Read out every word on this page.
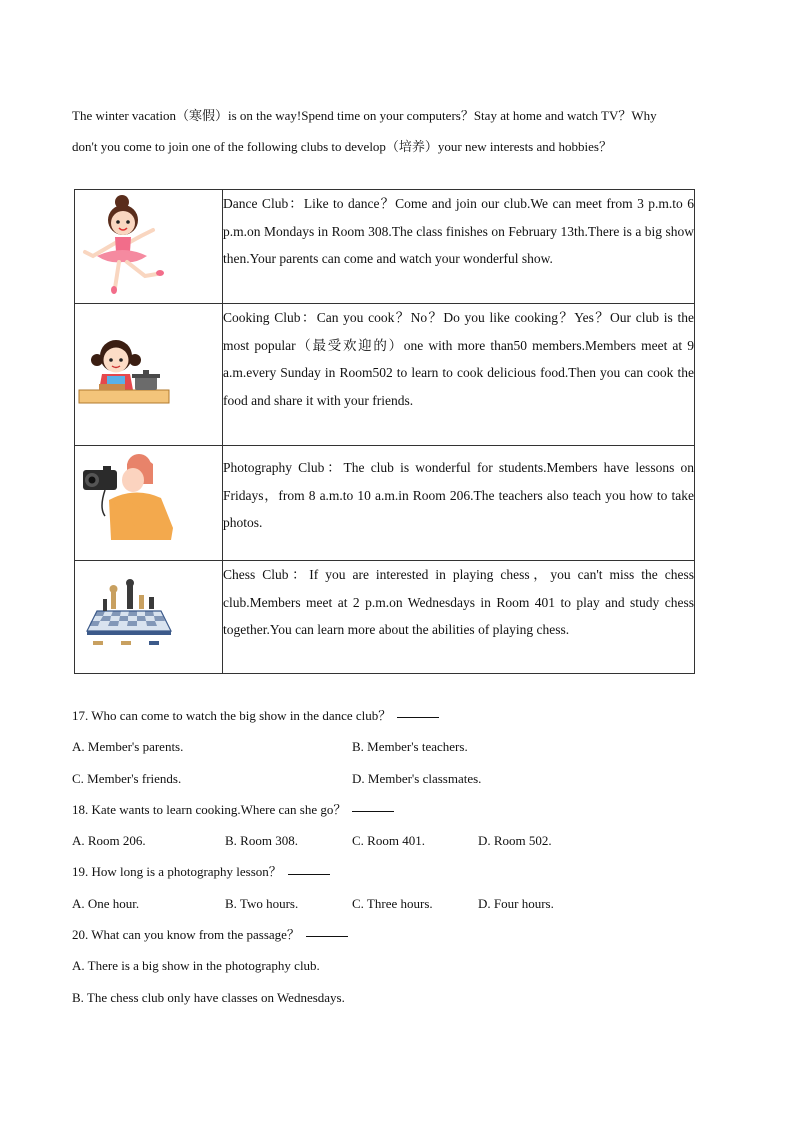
The winter vacation（寒假）is on the way!Spend time on your computers？Stay at home and watch TV？Why

don't you come to join one of the following clubs to develop（培养）your new interests and hobbies？

	Dance Club：Like to dance？Come and join our club.We can meet from 3 p.m.to 6 p.m.on Mondays in Room 308.The class finishes on February 13th.There is a big show then.Your parents can come and watch your wonderful show.

	Cooking Club：Can you cook？No？Do you like cooking？Yes？Our club is the most popular（最受欢迎的）one with more than50 members.Members meet at 9 a.m.every Sunday in Room502 to learn to cook delicious food.Then you can cook the food and share it with your friends.

	Photography Club：The club is wonderful for students.Members have lessons on Fridays，from 8 a.m.to 10 a.m.in Room 206.The teachers also teach you how to take photos.

	Chess Club：If you are interested in playing chess，you can't miss the chess club.Members meet at 2 p.m.on Wednesdays in Room 401 to play and study chess together.You can learn more about the abilities of playing chess.
17. Who can come to watch the big show in the dance club？
A. Member's parents.	B. Member's teachers.
C. Member's friends.	D. Member's classmates.
18. Kate wants to learn cooking.Where can she go？
A. Room 206.	B. Room 308.	C. Room 401.	D. Room 502.
19. How long is a photography lesson？
A. One hour.	B. Two hours.	C. Three hours.	D. Four hours.
20. What can you know from the passage？
A. There is a big show in the photography club.
B. The chess club only have classes on Wednesdays.
